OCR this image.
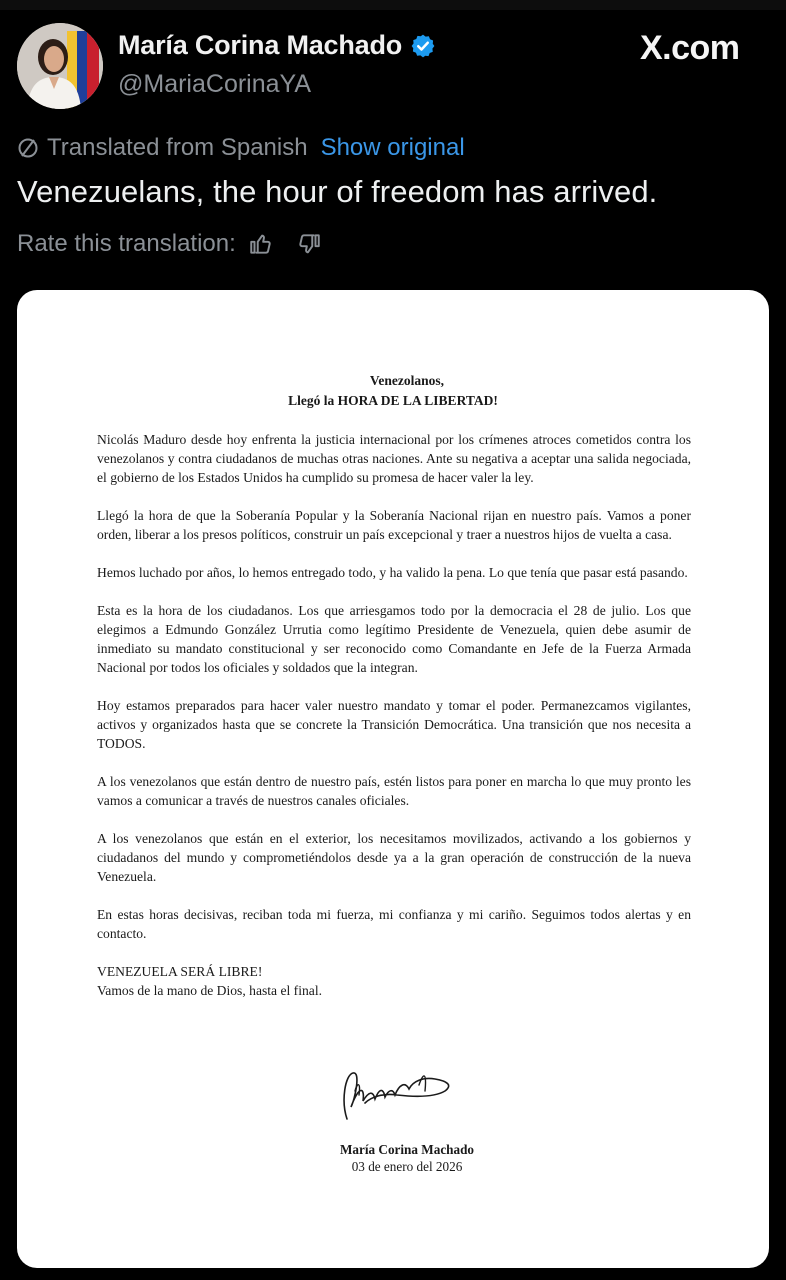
María Corina Machado
@MariaCorinaYA
X.com
Translated from Spanish Show original
Venezuelans, the hour of freedom has arrived.
Rate this translation:
Venezolanos,
Llegó la HORA DE LA LIBERTAD!

Nicolás Maduro desde hoy enfrenta la justicia internacional por los crímenes atroces cometidos contra los venezolanos y contra ciudadanos de muchas otras naciones. Ante su negativa a aceptar una salida negociada, el gobierno de los Estados Unidos ha cumplido su promesa de hacer valer la ley.

Llegó la hora de que la Soberanía Popular y la Soberanía Nacional rijan en nuestro país. Vamos a poner orden, liberar a los presos políticos, construir un país excepcional y traer a nuestros hijos de vuelta a casa.

Hemos luchado por años, lo hemos entregado todo, y ha valido la pena. Lo que tenía que pasar está pasando.

Esta es la hora de los ciudadanos. Los que arriesgamos todo por la democracia el 28 de julio. Los que elegimos a Edmundo González Urrutia como legítimo Presidente de Venezuela, quien debe asumir de inmediato su mandato constitucional y ser reconocido como Comandante en Jefe de la Fuerza Armada Nacional por todos los oficiales y soldados que la integran.

Hoy estamos preparados para hacer valer nuestro mandato y tomar el poder. Permanezcamos vigilantes, activos y organizados hasta que se concrete la Transición Democrática. Una transición que nos necesita a TODOS.

A los venezolanos que están dentro de nuestro país, estén listos para poner en marcha lo que muy pronto les vamos a comunicar a través de nuestros canales oficiales.

A los venezolanos que están en el exterior, los necesitamos movilizados, activando a los gobiernos y ciudadanos del mundo y comprometiéndolos desde ya a la gran operación de construcción de la nueva Venezuela.

En estas horas decisivas, reciban toda mi fuerza, mi confianza y mi cariño. Seguimos todos alertas y en contacto.

VENEZUELA SERÁ LIBRE!
Vamos de la mano de Dios, hasta el final.

María Corina Machado
03 de enero del 2026
